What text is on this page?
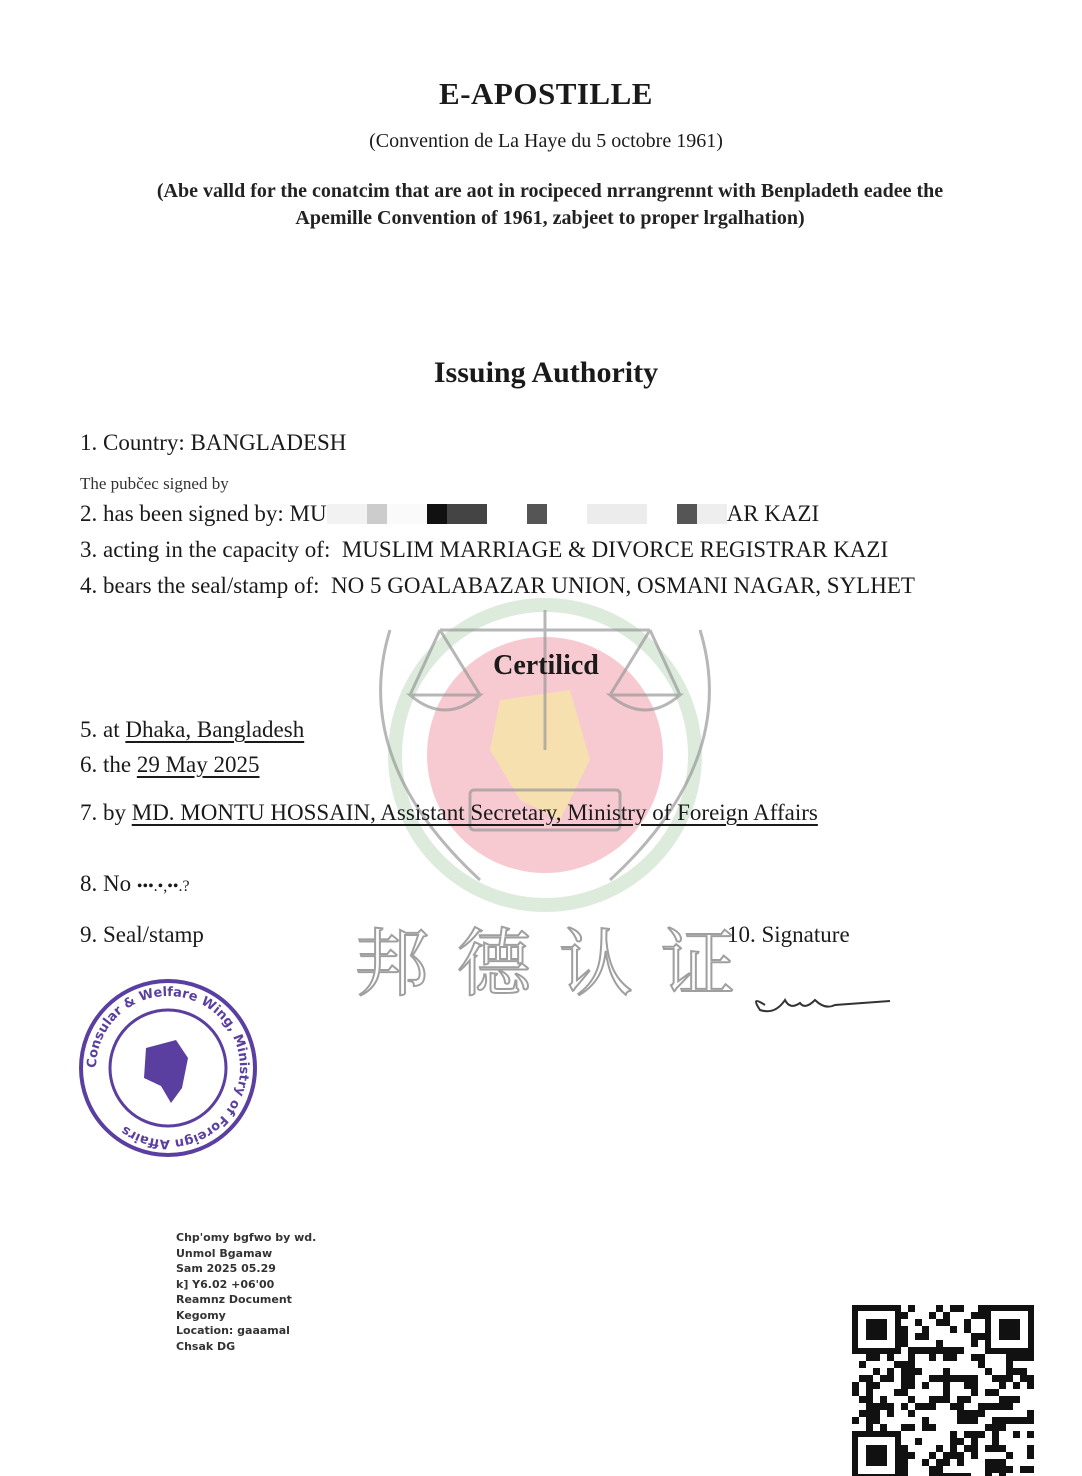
E-APOSTILLE
(Convention de La Haye du 5 octobre 1961)
(Abe valld for the conatcim that are aot in rocipeced nrrangrennt with Benpladeth eadee the
Apemille Convention of 1961, zabjeet to proper lrgalhation)
Issuing Authority
1. Country: BANGLADESH
The pubčec signed by
2. has been signed by: MU	AR KAZI
3. acting in the capacity of: MUSLIM MARRIAGE & DIVORCE REGISTRAR KAZI
4. bears the seal/stamp of: NO 5 GOALABAZAR UNION, OSMANI NAGAR, SYLHET
Certilicd
5. at Dhaka, Bangladesh
6. the 29 May 2025
7. by MD. MONTU HOSSAIN, Assistant Secretary, Ministry of Foreign Affairs
8. No •••.•,••.?
9. Seal/stamp	10. Signature
邦德认证
Consular & Welfare Wing, Ministry of Foreign Affairs
Chp'omy bgfwo by wd.
Unmol Bgamaw
Sam 2025 05.29
k] Y6.02 +06'00
Reamnz Document
Kegomy
Location: gaaamal
Chsak DG
